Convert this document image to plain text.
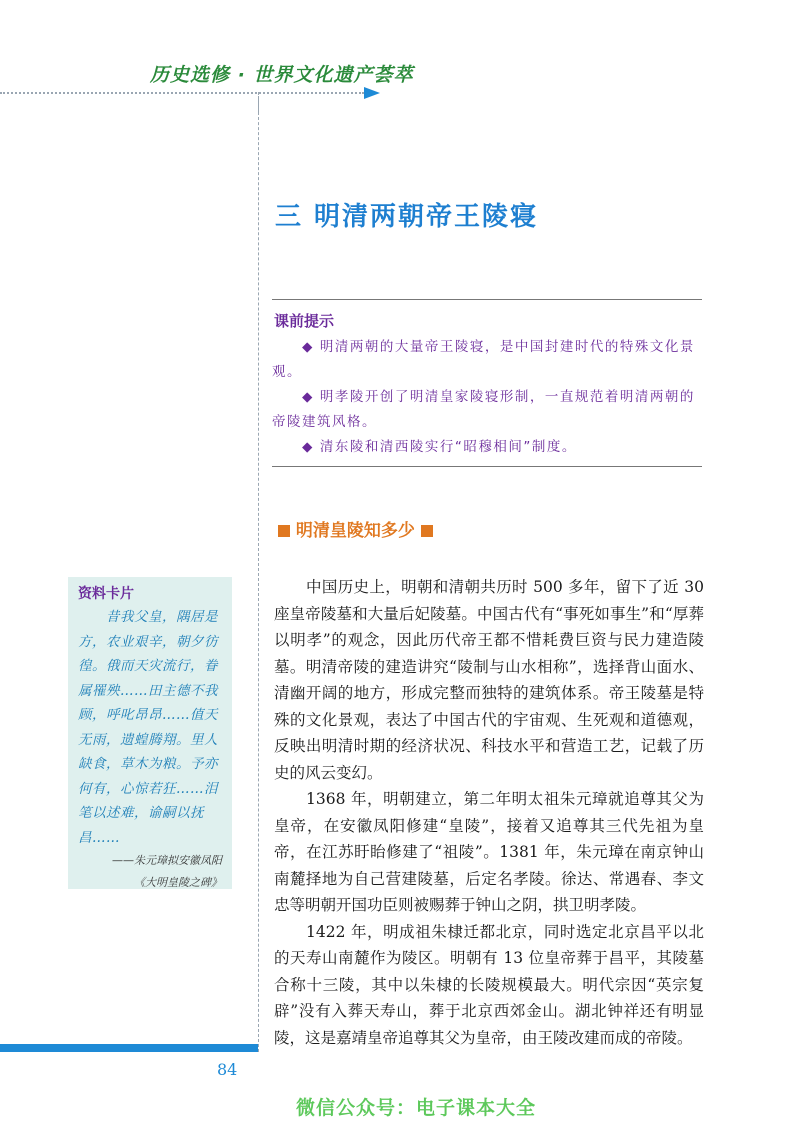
历史选修 · 世界文化遗产荟萃
三 明清两朝帝王陵寝
课前提示

◆ 明清两朝的大量帝王陵寝，是中国封建时代的特殊文化景观。

◆ 明孝陵开创了明清皇家陵寝形制，一直规范着明清两朝的帝陵建筑风格。

◆ 清东陵和清西陵实行“昭穆相间”制度。

明清皇陵知多少
资料卡片
昔我父皇，隅居是方，农业艰辛，朝夕彷徨。俄而天灾流行，眷属罹殃……田主德不我顾，呼叱昂昂……值天无雨，遗蝗腾翔。里人缺食，草木为粮。予亦何有，心惊若狂……泪笔以述难，谕嗣以抚昌……
——朱元璋拟安徽凤阳
《大明皇陵之碑》

中国历史上，明朝和清朝共历时 500 多年，留下了近 30 座皇帝陵墓和大量后妃陵墓。中国古代有“事死如事生”和“厚葬以明孝”的观念，因此历代帝王都不惜耗费巨资与民力建造陵墓。明清帝陵的建造讲究“陵制与山水相称”，选择背山面水、清幽开阔的地方，形成完整而独特的建筑体系。帝王陵墓是特殊的文化景观，表达了中国古代的宇宙观、生死观和道德观，反映出明清时期的经济状况、科技水平和营造工艺，记载了历史的风云变幻。

1368 年，明朝建立，第二年明太祖朱元璋就追尊其父为皇帝，在安徽凤阳修建“皇陵”，接着又追尊其三代先祖为皇帝，在江苏盱眙修建了“祖陵”。1381 年，朱元璋在南京钟山南麓择地为自己营建陵墓，后定名孝陵。徐达、常遇春、李文忠等明朝开国功臣则被赐葬于钟山之阴，拱卫明孝陵。

1422 年，明成祖朱棣迁都北京，同时选定北京昌平以北的天寿山南麓作为陵区。明朝有 13 位皇帝葬于昌平，其陵墓合称十三陵，其中以朱棣的长陵规模最大。明代宗因“英宗复辟”没有入葬天寿山，葬于北京西郊金山。湖北钟祥还有明显陵，这是嘉靖皇帝追尊其父为皇帝，由王陵改建而成的帝陵。

84
微信公众号：电子课本大全
